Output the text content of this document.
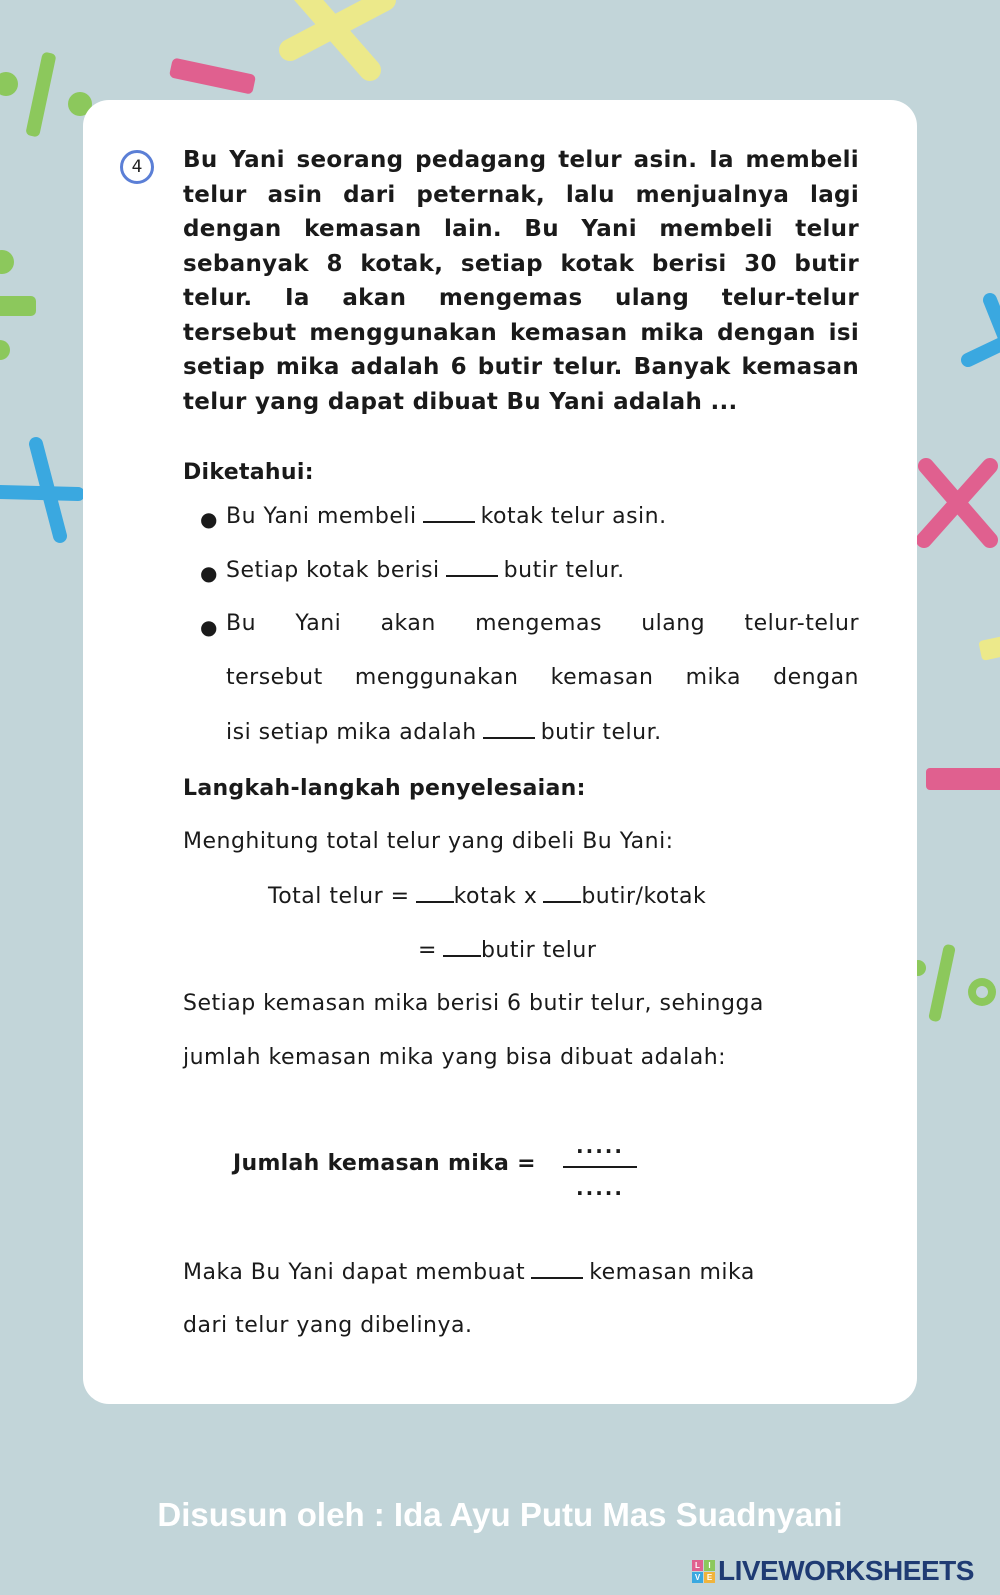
4 Bu Yani seorang pedagang telur asin. Ia membeli telur asin dari peternak, lalu menjualnya lagi dengan kemasan lain. Bu Yani membeli telur sebanyak 8 kotak, setiap kotak berisi 30 butir telur. Ia akan mengemas ulang telur-telur tersebut menggunakan kemasan mika dengan isi setiap mika adalah 6 butir telur. Banyak kemasan telur yang dapat dibuat Bu Yani adalah ...
Diketahui:
● Bu Yani membeli	kotak telur asin.
● Setiap kotak berisi	butir telur.
● Bu Yani akan mengemas ulang telur-telur
tersebut menggunakan kemasan mika dengan
isi setiap mika adalah	butir telur.
Langkah-langkah penyelesaian:
Menghitung total telur yang dibeli Bu Yani:
Total telur = kotak x butir/kotak
= butir telur
Setiap kemasan mika berisi 6 butir telur, sehingga
jumlah kemasan mika yang bisa dibuat adalah:
Jumlah kemasan mika =
.....
.....
Maka Bu Yani dapat membuat	kemasan mika
dari telur yang dibelinya.
Disusun oleh : Ida Ayu Putu Mas Suadnyani
L	I
V E LIVEWORKSHEETS
